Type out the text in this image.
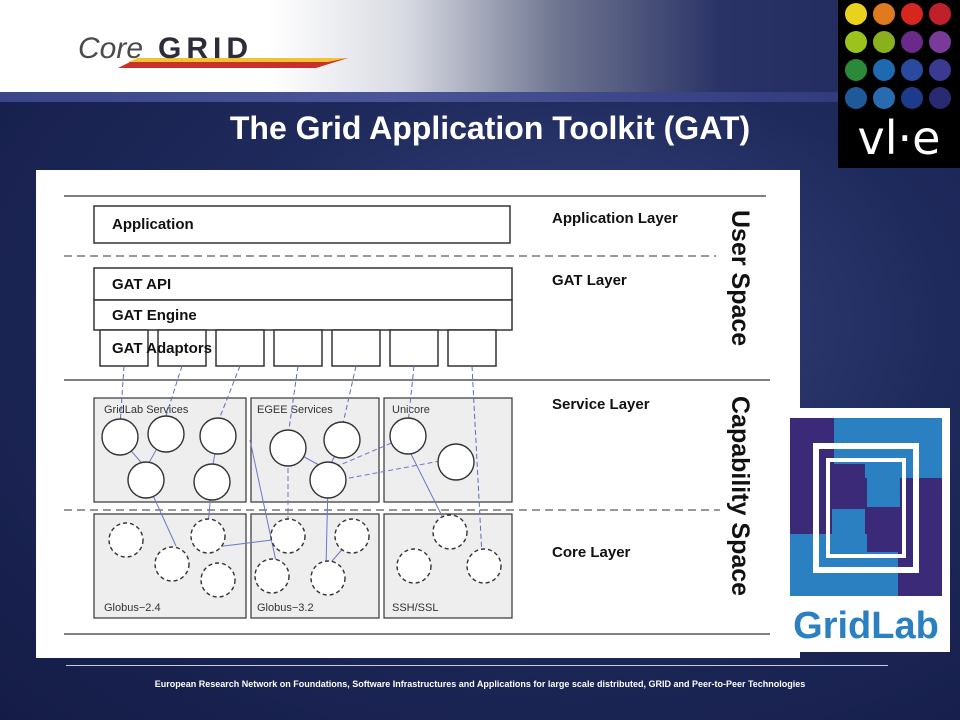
Core GRID
The Grid Application Toolkit (GAT)	vl·e
Application
GAT API
GAT Engine
GAT Adaptors
GridLab Services	EGEE Services	Unicore
Globus−2.4	Globus−3.2	SSH/SSL
Application Layer
GAT Layer
Service Layer
Core Layer
User Space
Capability Space
GridLab
European Research Network on Foundations, Software Infrastructures and Applications for large scale distributed, GRID and Peer-to-Peer Technologies
